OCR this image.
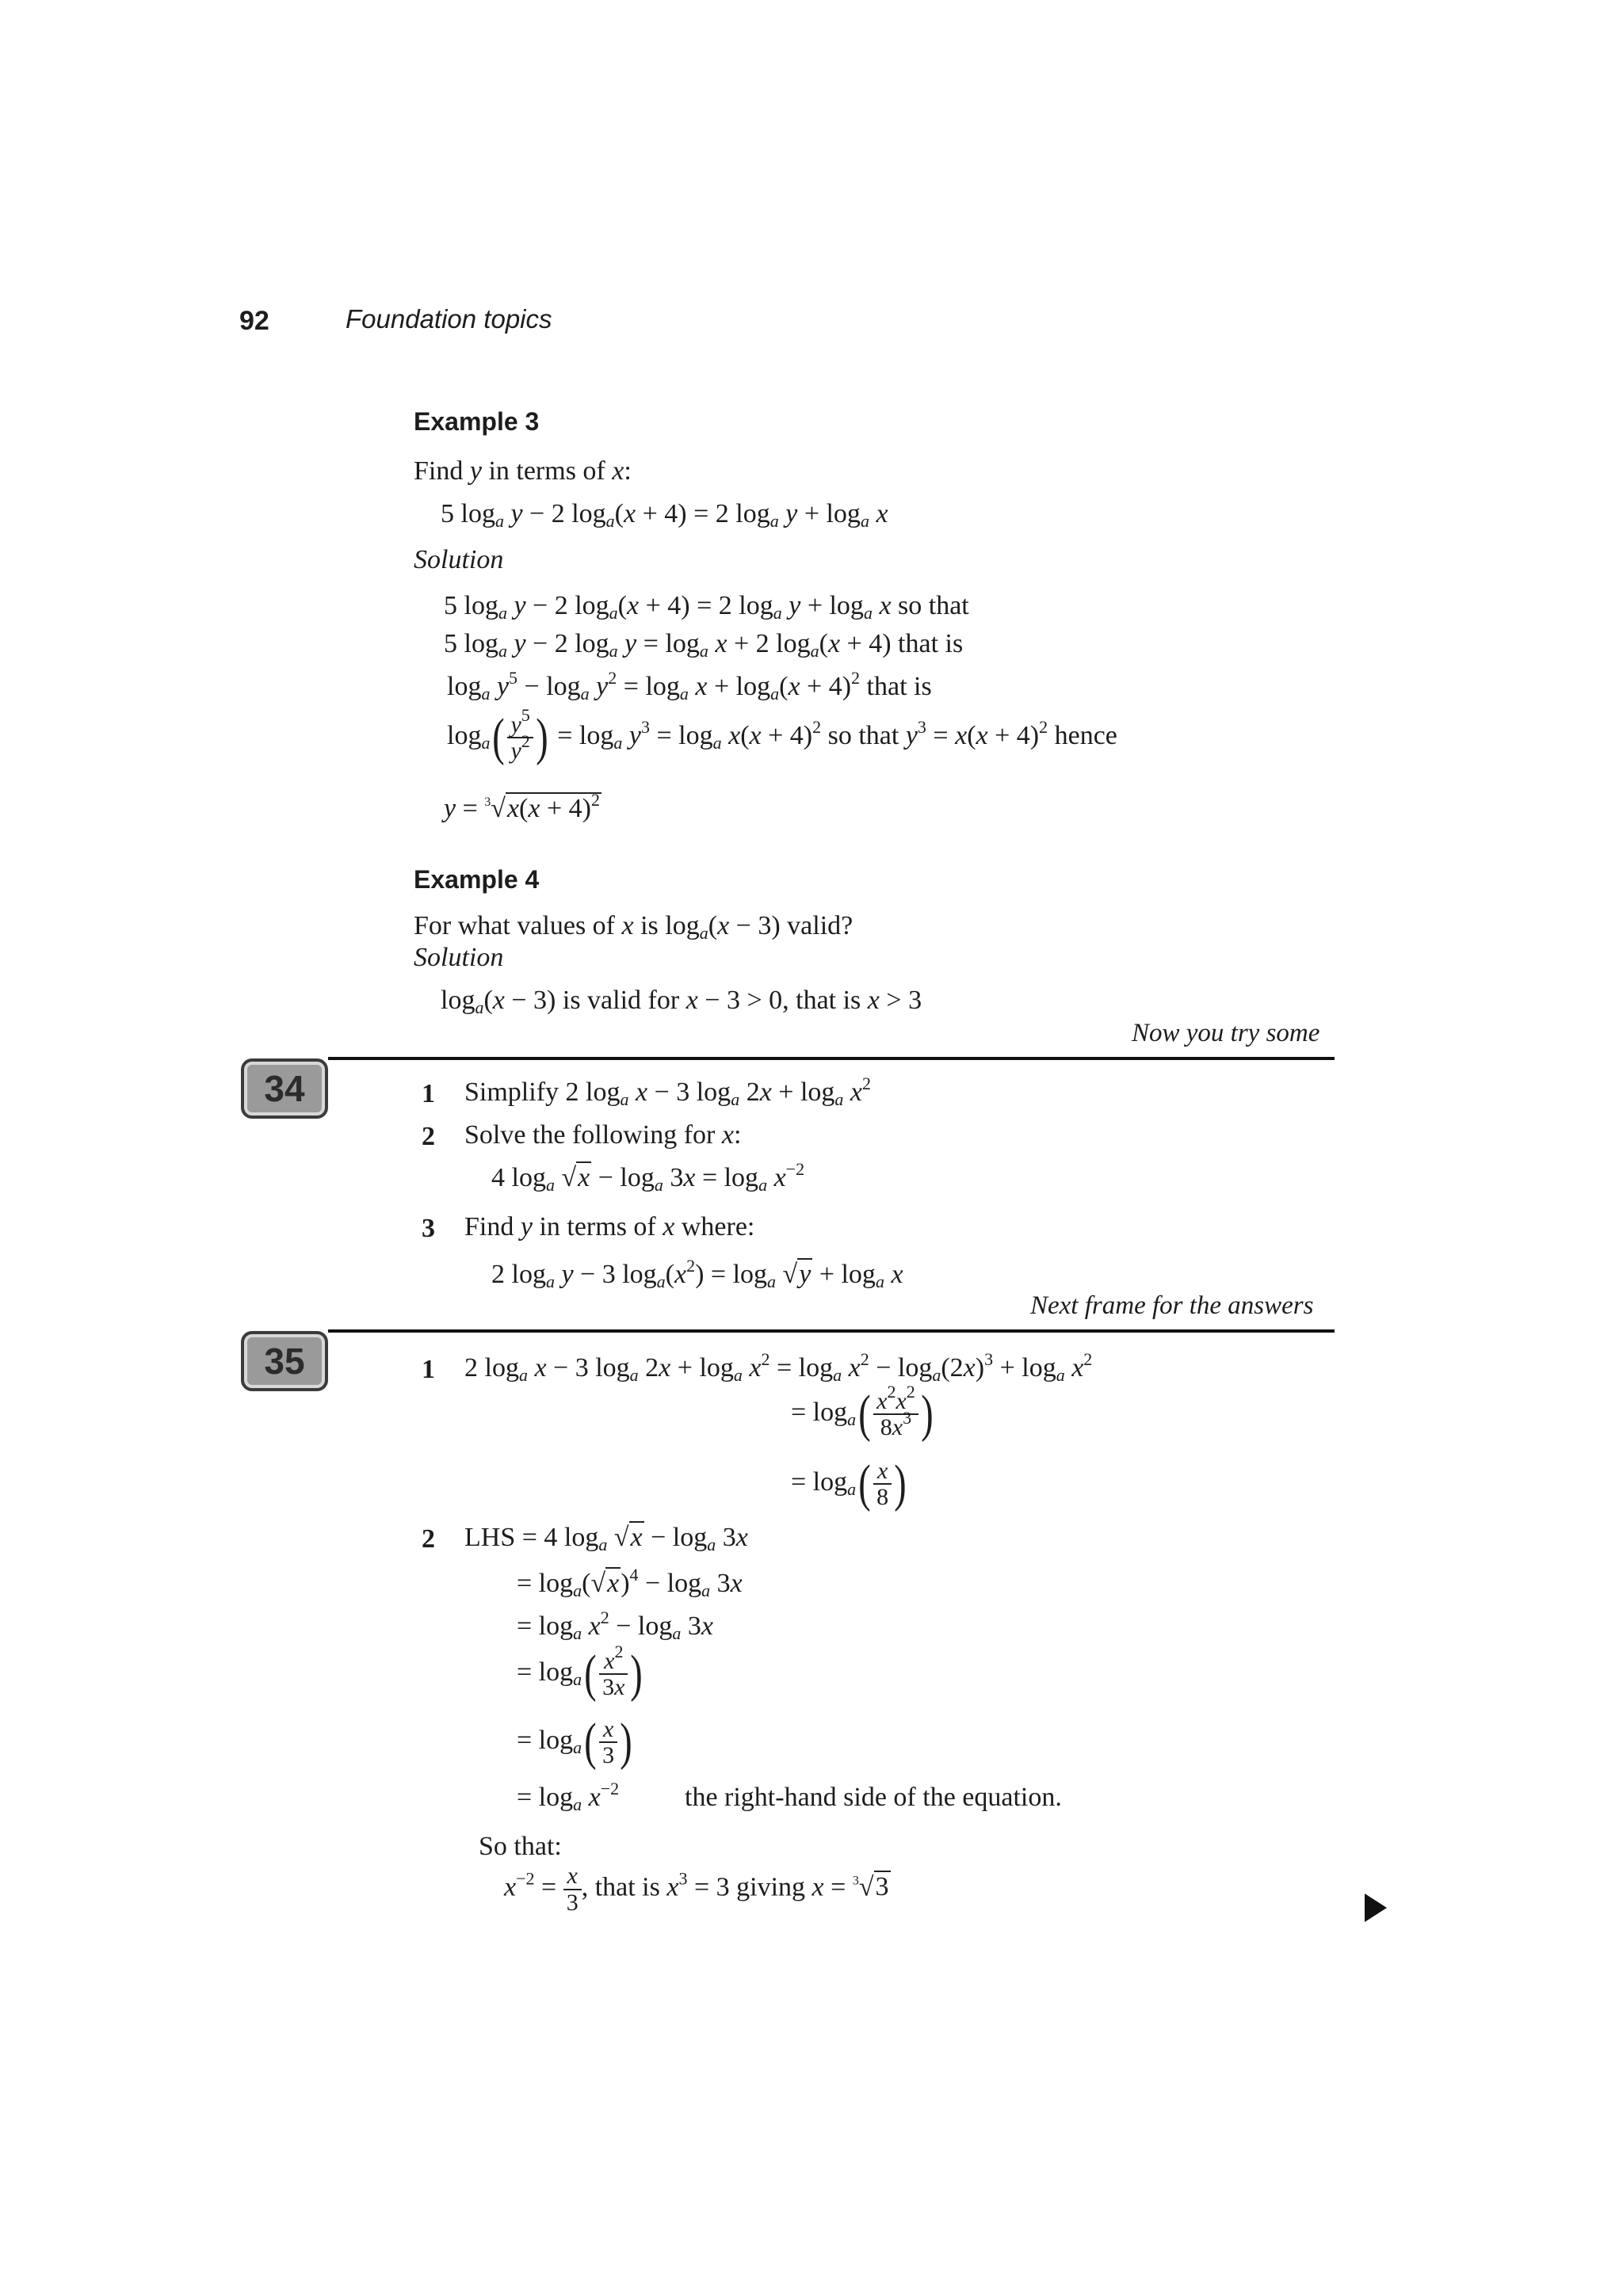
92	Foundation topics
Example 3
Find y in terms of x:
5 $\log_a y - 2$ $\log_a(x + 4) = 2$ $\log_a y + \log_a x$
Solution
5 $\log_a y - 2$ $\log_a(x + 4) = 2$ $\log_a y + \log_a x$ so that
5 $\log_a y - 2$ $\log_a y = \log_a x + 2$ $\log_a(x + 4)$ that is
$\log_a y^5 - \log_a y^2 = \log_a x + \log_a(x + 4)^2$ that is
$\log_a( \frac{y^5}{y^2}$ ) = $\log_a y^3 = \log_a x(x + 4)^2$ so that $y^3 = x(x + 4)^2$ hence
$y = ^3√x(x + 4)^2$
Example 4
For what values of x is $\log_a(x - 3)$ valid?
Solution
$\log_a(x - 3)$ is valid for x − 3 > 0, that is x > 3
Now you try some
34	1 Simplify 2 $\log_a x - 3$ $\log_a 2x + \log_a x^2$
2 Solve the following for x:
4 $\log_a √x - \log_a 3x = \log_a x^{-2}$
3 Find y in terms of x where:
2 $\log_a y - 3$ $\log_a(x^2) = \log_a √y + \log_a x$
Next frame for the answers
35	1 2 $\log_a x - 3$ $\log_a 2x + \log_a x^2 = \log_a x^2 - \log_a(2x)^3 + \log_a x^2$
= $\log_a( \frac{x^2x^2}{8x^3}$ )
= $\log_a( \frac{x}{8}$ )
2 LHS = 4 $\log_a √x - \log_a 3x$
= $\log_a(√x)^4 - \log_a 3x$
= $\log_a x^2 - \log_a 3x$
= $\log_a( \frac{x^2}{3x}$ )
= $\log_a( \frac{x}{3}$ )
= $\log_a x^{-2}$ the right-hand side of the equation.
So that:
$x^{-2} = \frac{x}{3}$ , that is $x^3 = 3$ giving x = $^3$√3
